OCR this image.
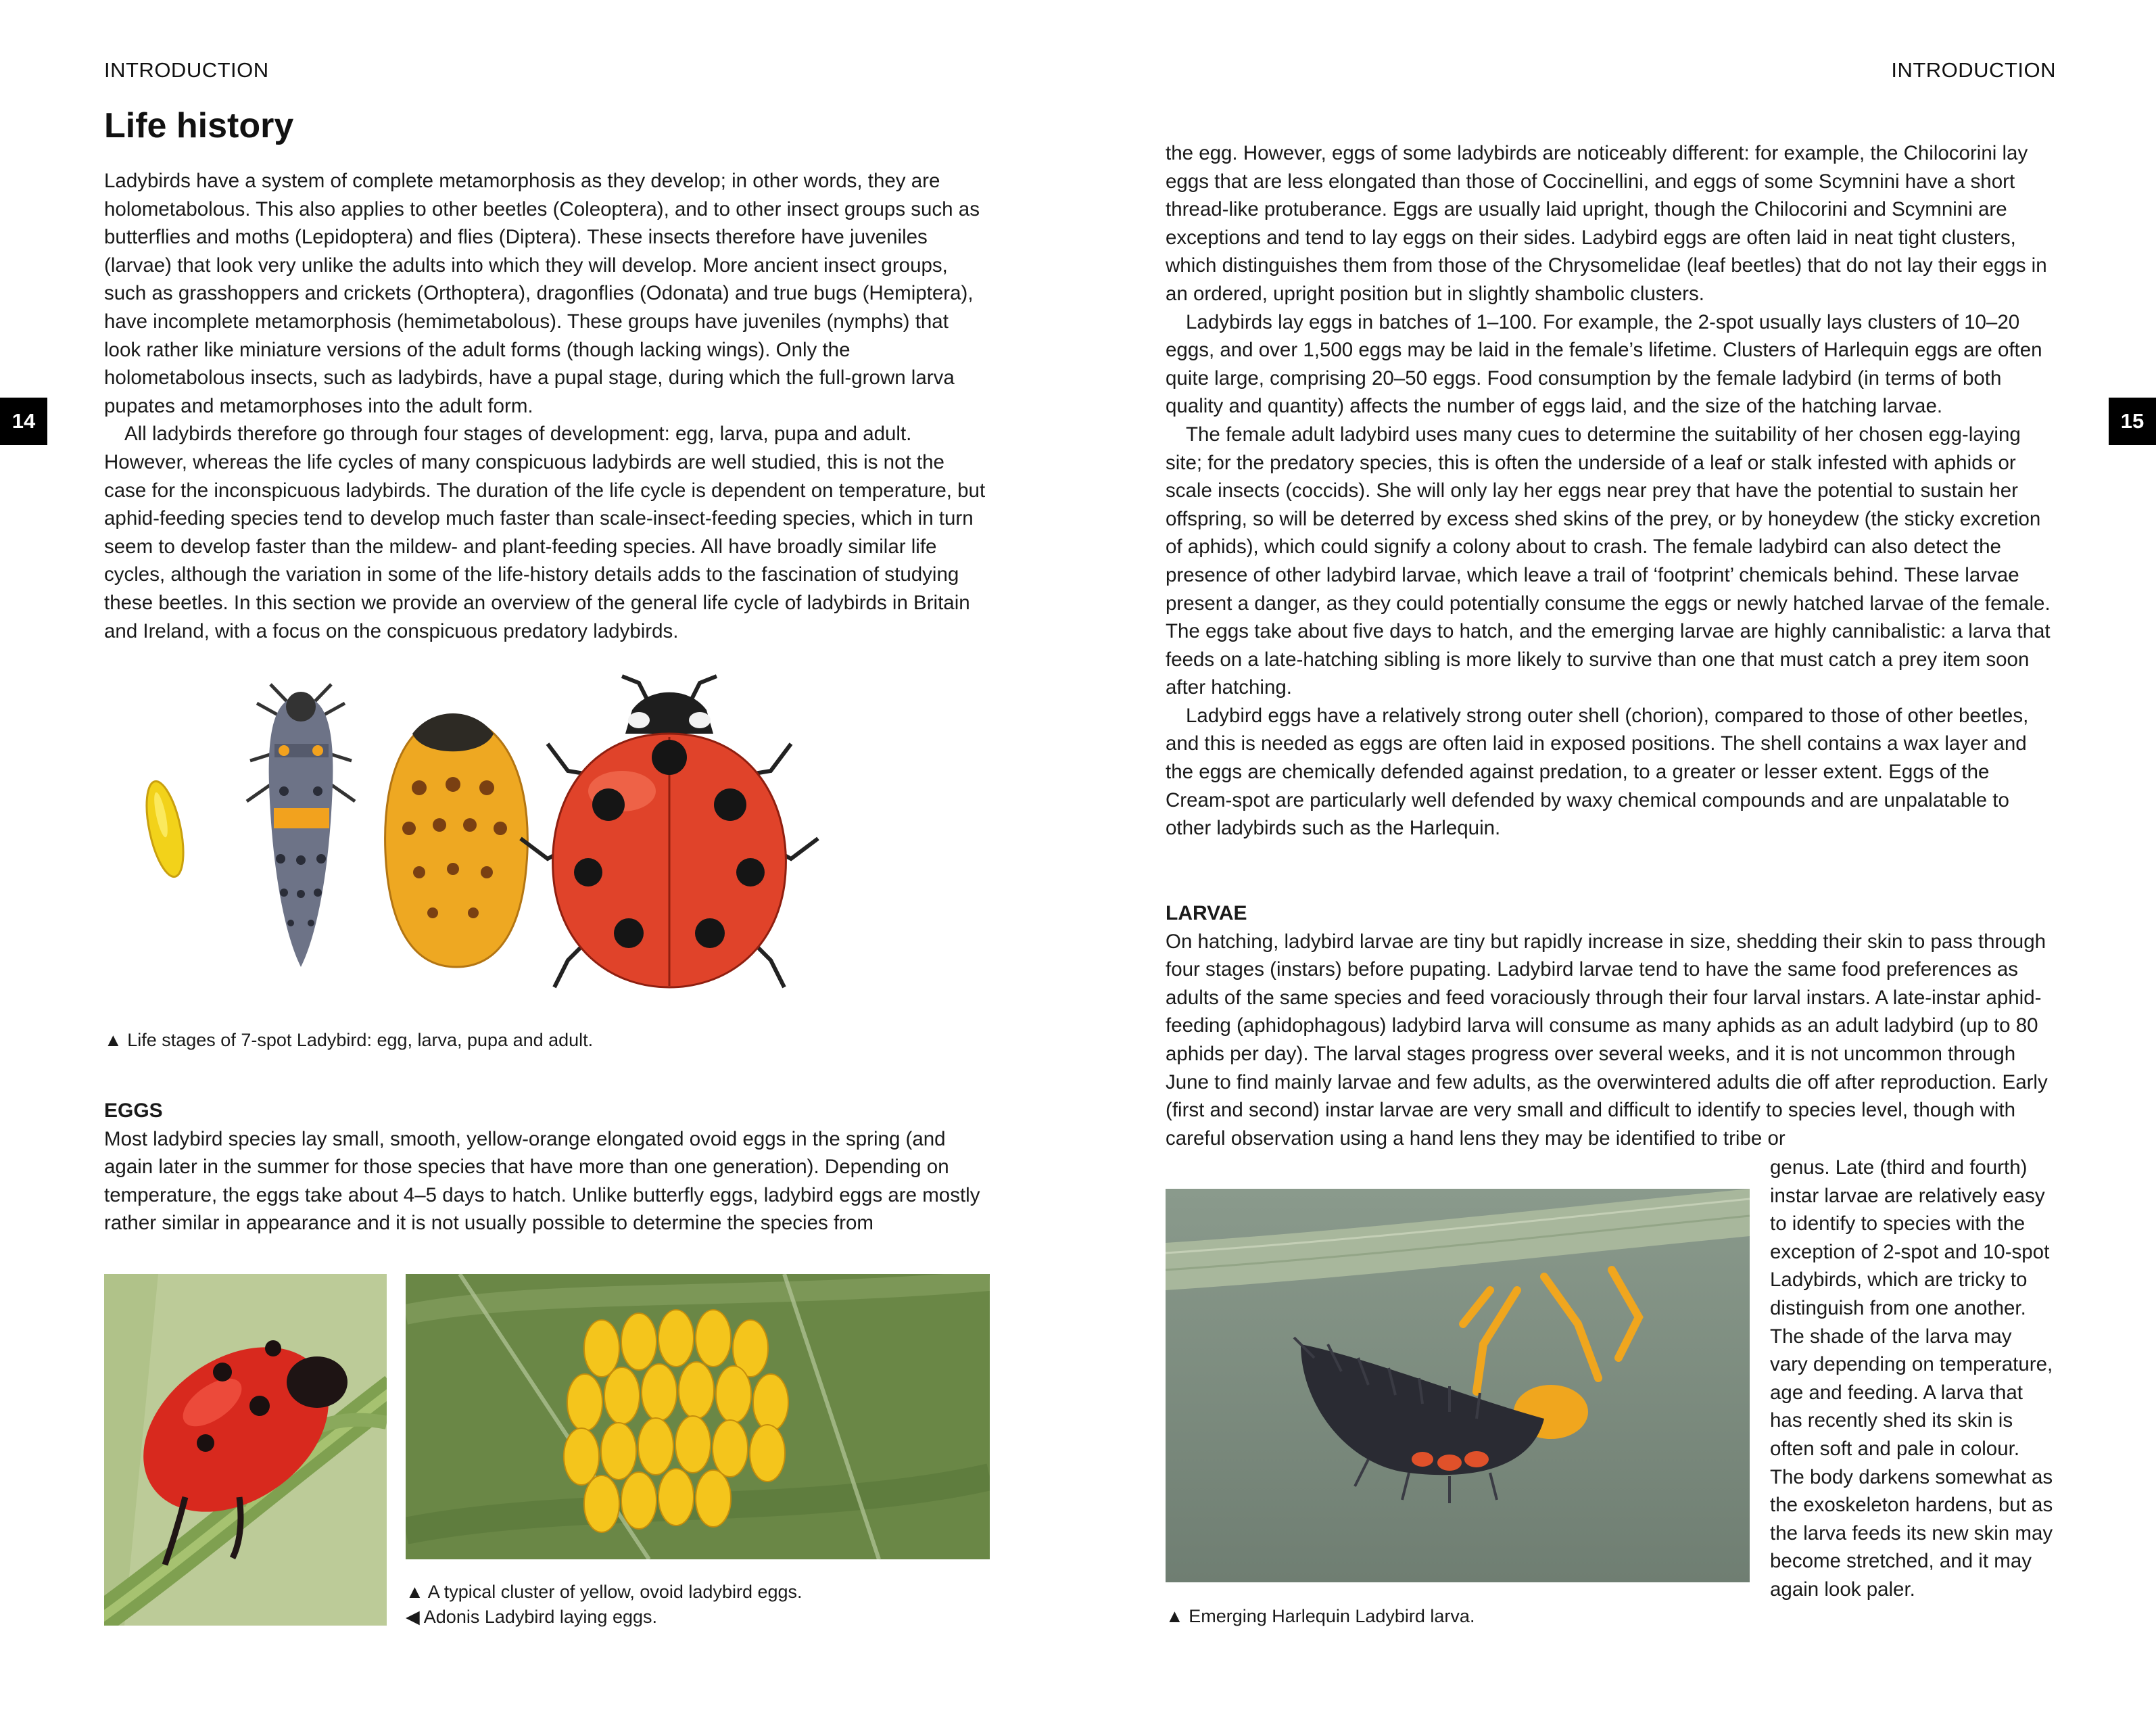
INTRODUCTION	INTRODUCTION
14	15
Life history

Ladybirds have a system of complete metamorphosis as they develop; in other words, they are holometabolous. This also applies to other beetles (Coleoptera), and to other insect groups such as butterflies and moths (Lepidoptera) and flies (Diptera). These insects therefore have juveniles (larvae) that look very unlike the adults into which they will develop. More ancient insect groups, such as grasshoppers and crickets (Orthoptera), dragonflies (Odonata) and true bugs (Hemiptera), have incomplete metamorphosis (hemimetabolous). These groups have juveniles (nymphs) that look rather like miniature versions of the adult forms (though lacking wings). Only the holometabolous insects, such as ladybirds, have a pupal stage, during which the full-grown larva pupates and metamorphoses into the adult form.

All ladybirds therefore go through four stages of development: egg, larva, pupa and adult. However, whereas the life cycles of many conspicuous ladybirds are well studied, this is not the case for the inconspicuous ladybirds. The duration of the life cycle is dependent on temperature, but aphid-feeding species tend to develop much faster than scale-insect-feeding species, which in turn seem to develop faster than the mildew- and plant-feeding species. All have broadly similar life cycles, although the variation in some of the life-history details adds to the fascination of studying these beetles. In this section we provide an overview of the general life cycle of ladybirds in Britain and Ireland, with a focus on the conspicuous predatory ladybirds.

▲ Life stages of 7-spot Ladybird: egg, larva, pupa and adult.

EGGS

Most ladybird species lay small, smooth, yellow-orange elongated ovoid eggs in the spring (and again later in the summer for those species that have more than one generation). Depending on temperature, the eggs take about 4–5 days to hatch. Unlike butterfly eggs, ladybird eggs are mostly rather similar in appearance and it is not usually possible to determine the species from

▲ A typical cluster of yellow, ovoid ladybird eggs.
◀ Adonis Ladybird laying eggs.

the egg. However, eggs of some ladybirds are noticeably different: for example, the Chilocorini lay eggs that are less elongated than those of Coccinellini, and eggs of some Scymnini have a short thread-like protuberance. Eggs are usually laid upright, though the Chilocorini and Scymnini are exceptions and tend to lay eggs on their sides. Ladybird eggs are often laid in neat tight clusters, which distinguishes them from those of the Chrysomelidae (leaf beetles) that do not lay their eggs in an ordered, upright position but in slightly shambolic clusters.

Ladybirds lay eggs in batches of 1–100. For example, the 2-spot usually lays clusters of 10–20 eggs, and over 1,500 eggs may be laid in the female’s lifetime. Clusters of Harlequin eggs are often quite large, comprising 20–50 eggs. Food consumption by the female ladybird (in terms of both quality and quantity) affects the number of eggs laid, and the size of the hatching larvae.

The female adult ladybird uses many cues to determine the suitability of her chosen egg-laying site; for the predatory species, this is often the underside of a leaf or stalk infested with aphids or scale insects (coccids). She will only lay her eggs near prey that have the potential to sustain her offspring, so will be deterred by excess shed skins of the prey, or by honeydew (the sticky excretion of aphids), which could signify a colony about to crash. The female ladybird can also detect the presence of other ladybird larvae, which leave a trail of ‘footprint’ chemicals behind. These larvae present a danger, as they could potentially consume the eggs or newly hatched larvae of the female. The eggs take about five days to hatch, and the emerging larvae are highly cannibalistic: a larva that feeds on a late-hatching sibling is more likely to survive than one that must catch a prey item soon after hatching.

Ladybird eggs have a relatively strong outer shell (chorion), compared to those of other beetles, and this is needed as eggs are often laid in exposed positions. The shell contains a wax layer and the eggs are chemically defended against predation, to a greater or lesser extent. Eggs of the Cream-spot are particularly well defended by waxy chemical compounds and are unpalatable to other ladybirds such as the Harlequin.

LARVAE

On hatching, ladybird larvae are tiny but rapidly increase in size, shedding their skin to pass through four stages (instars) before pupating. Ladybird larvae tend to have the same food preferences as adults of the same species and feed voraciously through their four larval instars. A late-instar aphid-feeding (aphidophagous) ladybird larva will consume as many aphids as an adult ladybird (up to 80 aphids per day). The larval stages progress over several weeks, and it is not uncommon through June to find mainly larvae and few adults, as the overwintered adults die off after reproduction. Early (first and second) instar larvae are very small and difficult to identify to species level, though with careful observation using a hand lens they may be identified to tribe or

genus. Late (third and fourth) instar larvae are relatively easy to identify to species with the exception of 2-spot and 10-spot Ladybirds, which are tricky to distinguish from one another. The shade of the larva may vary depending on temperature, age and feeding. A larva that has recently shed its skin is often soft and pale in colour. The body darkens somewhat as the exoskeleton hardens, but as the larva feeds its new skin may become stretched, and it may again look paler.

▲ Emerging Harlequin Ladybird larva.
